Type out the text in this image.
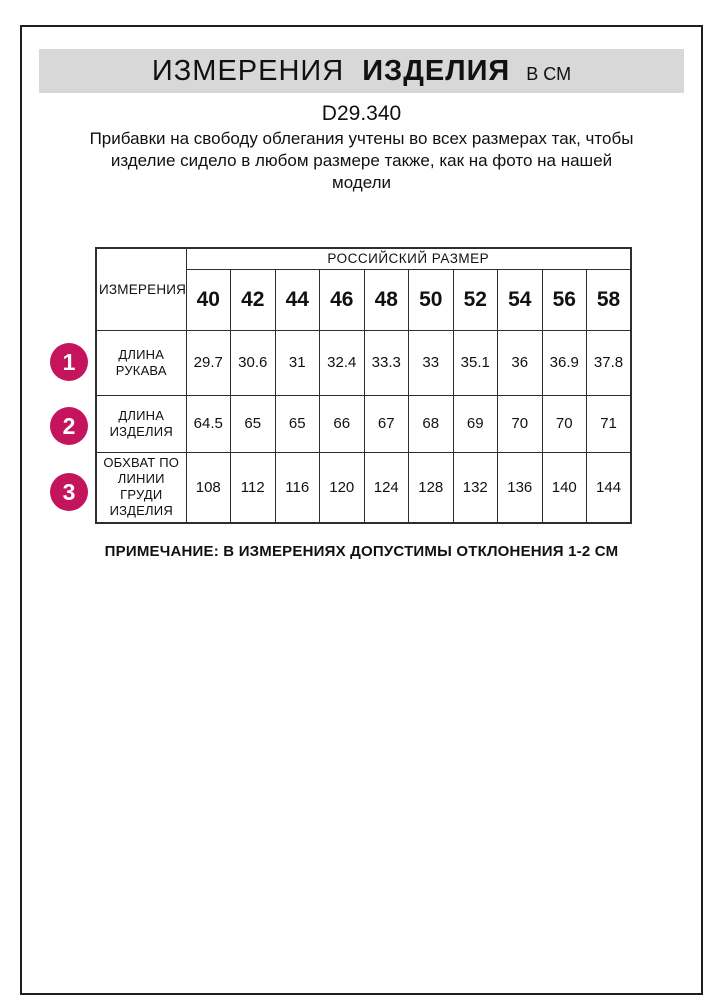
ИЗМЕРЕНИЯ ИЗДЕЛИЯ В СМ
D29.340
Прибавки на свободу облегания учтены во всех размерах так, чтобы изделие сидело в любом размере также, как на фото на нашей модели
ИЗМЕРЕНИЯ	РОССИЙСКИЙ РАЗМЕР									
	40	42	44	46	48	50	52	54	56	58
ДЛИНА РУКАВА	29.7	30.6	31	32.4	33.3	33	35.1	36	36.9	37.8
ДЛИНА ИЗДЕЛИЯ	64.5	65	65	66	67	68	69	70	70	71
ОБХВАТ ПО ЛИНИИ ГРУДИ ИЗДЕЛИЯ	108	112	116	120	124	128	132	136	140	144
1
2
3
ПРИМЕЧАНИЕ: В ИЗМЕРЕНИЯХ ДОПУСТИМЫ ОТКЛОНЕНИЯ 1-2 СМ
